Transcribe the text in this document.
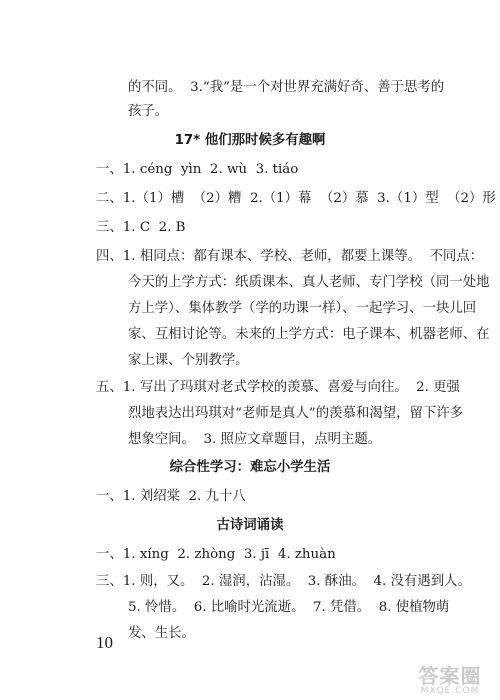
的不同。  3.“我”是一个对世界充满好奇、善于思考的
孩子。
17* 他们那时候多有趣啊
一、1. céng  yìn  2. wù  3. tiáo
二、1.（1）槽  （2）糟  2.（1）幕  （2）慕  3.（1）型  （2）形
三、1. C  2. B
四、1. 相同点：都有课本、学校、老师，都要上课等。  不同点：
今天的上学方式：纸质课本、真人老师、专门学校（同一处地
方上学）、集体教学（学的功课一样）、一起学习、一块儿回
家、互相讨论等。未来的上学方式：电子课本、机器老师、在
家上课、个别教学。
五、1. 写出了玛琪对老式学校的羡慕、喜爱与向往。  2. 更强
烈地表达出玛琪对“老师是真人”的羡慕和渴望，留下许多
想象空间。  3. 照应文章题目，点明主题。
综合性学习：难忘小学生活
一、1. 刘绍棠  2. 九十八
古诗词诵读
一、1. xíng  2. zhòng  3. jī  4. zhuàn
三、1. 则，又。  2. 湿润，沾湿。  3. 酥油。  4. 没有遇到人。
5. 怜惜。  6. 比喻时光流逝。  7. 凭借。  8. 使植物萌
发、生长。
10
答案圈
MXQE.COM
